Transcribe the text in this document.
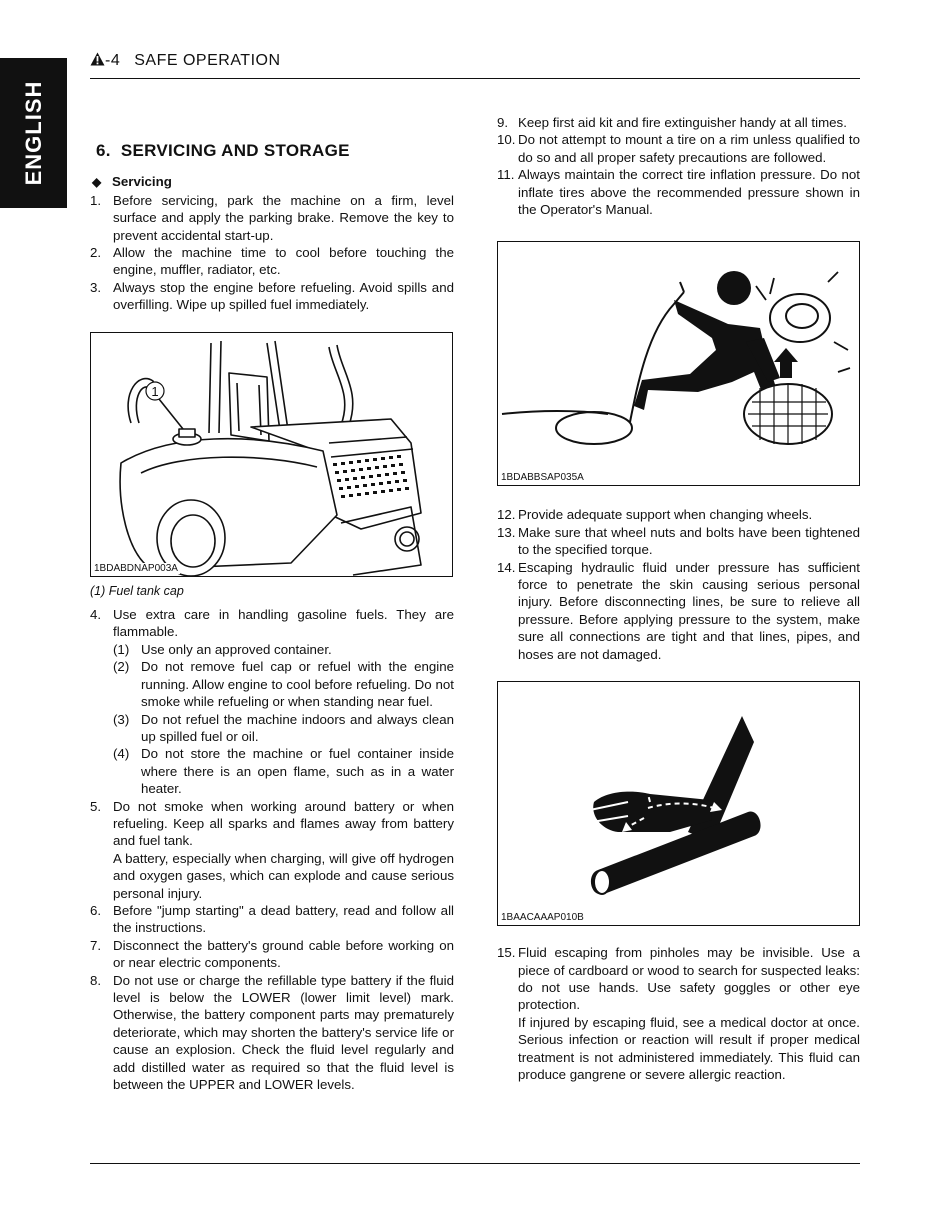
ENGLISH
-4 SAFE OPERATION
6. SERVICING AND STORAGE
◆ Servicing
1. Before servicing, park the machine on a firm, level surface and apply the parking brake. Remove the key to prevent accidental start-up.
2. Allow the machine time to cool before touching the engine, muffler, radiator, etc.
3. Always stop the engine before refueling. Avoid spills and overfilling. Wipe up spilled fuel immediately.
1
1BDABDNAP003A
(1) Fuel tank cap
4. Use extra care in handling gasoline fuels. They are flammable.
(1) Use only an approved container.
(2) Do not remove fuel cap or refuel with the engine running. Allow engine to cool before refueling. Do not smoke while refueling or when standing near fuel.
(3) Do not refuel the machine indoors and always clean up spilled fuel or oil.
(4) Do not store the machine or fuel container inside where there is an open flame, such as in a water heater.
5. Do not smoke when working around battery or when refueling. Keep all sparks and flames away from battery and fuel tank.
A battery, especially when charging, will give off hydrogen and oxygen gases, which can explode and cause serious personal injury.
6. Before "jump starting" a dead battery, read and follow all the instructions.
7. Disconnect the battery's ground cable before working on or near electric components.
8. Do not use or charge the refillable type battery if the fluid level is below the LOWER (lower limit level) mark. Otherwise, the battery component parts may prematurely deteriorate, which may shorten the battery's service life or cause an explosion. Check the fluid level regularly and add distilled water as required so that the fluid level is between the UPPER and LOWER levels.
9. Keep first aid kit and fire extinguisher handy at all times.
10. Do not attempt to mount a tire on a rim unless qualified to do so and all proper safety precautions are followed.
11. Always maintain the correct tire inflation pressure. Do not inflate tires above the recommended pressure shown in the Operator's Manual.
1BDABBSAP035A
12. Provide adequate support when changing wheels.
13. Make sure that wheel nuts and bolts have been tightened to the specified torque.
14. Escaping hydraulic fluid under pressure has sufficient force to penetrate the skin causing serious personal injury. Before disconnecting lines, be sure to relieve all pressure. Before applying pressure to the system, make sure all connections are tight and that lines, pipes, and hoses are not damaged.
1BAACAAAP010B
15. Fluid escaping from pinholes may be invisible. Use a piece of cardboard or wood to search for suspected leaks: do not use hands. Use safety goggles or other eye protection.
If injured by escaping fluid, see a medical doctor at once. Serious infection or reaction will result if proper medical treatment is not administered immediately. This fluid can produce gangrene or severe allergic reaction.
